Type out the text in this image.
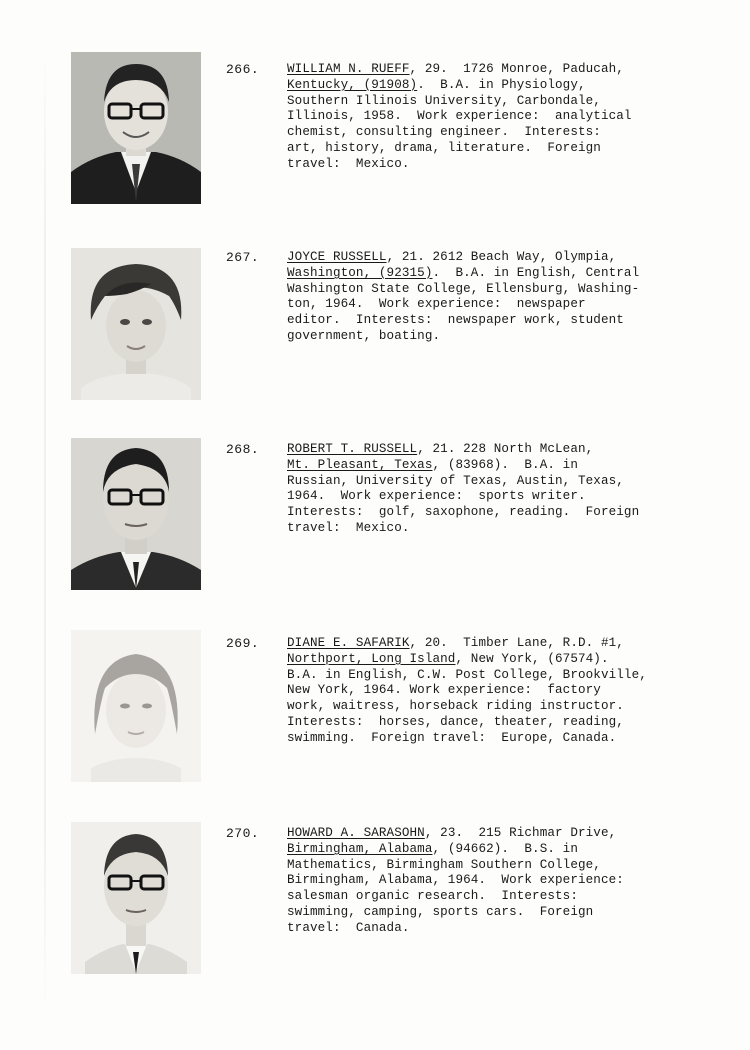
266. WILLIAM N. RUEFF, 29.  1726 Monroe, Paducah,
Kentucky, (91908).  B.A. in Physiology,
Southern Illinois University, Carbondale,
Illinois, 1958.  Work experience:  analytical
chemist, consulting engineer.  Interests:
art, history, drama, literature.  Foreign
travel:  Mexico.
267. JOYCE RUSSELL, 21. 2612 Beach Way, Olympia,
Washington, (92315).  B.A. in English, Central
Washington State College, Ellensburg, Washing-
ton, 1964.  Work experience:  newspaper
editor.  Interests:  newspaper work, student
government, boating.
268. ROBERT T. RUSSELL, 21. 228 North McLean,
Mt. Pleasant, Texas, (83968).  B.A. in
Russian, University of Texas, Austin, Texas,
1964.  Work experience:  sports writer.
Interests:  golf, saxophone, reading.  Foreign
travel:  Mexico.
269. DIANE E. SAFARIK, 20.  Timber Lane, R.D. #1,
Northport, Long Island, New York, (67574).
B.A. in English, C.W. Post College, Brookville,
New York, 1964. Work experience:  factory
work, waitress, horseback riding instructor.
Interests:  horses, dance, theater, reading,
swimming.  Foreign travel:  Europe, Canada.
270. HOWARD A. SARASOHN, 23.  215 Richmar Drive,
Birmingham, Alabama, (94662).  B.S. in
Mathematics, Birmingham Southern College,
Birmingham, Alabama, 1964.  Work experience:
salesman organic research.  Interests:
swimming, camping, sports cars.  Foreign
travel:  Canada.
